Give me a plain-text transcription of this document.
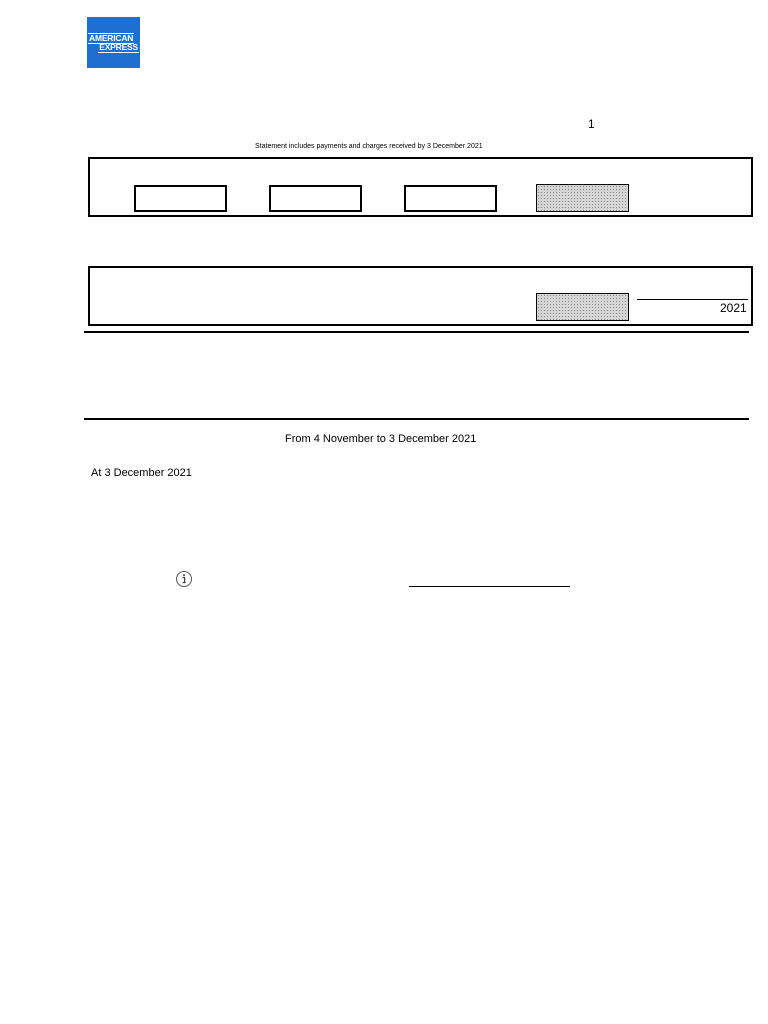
AMERICAN
EXPRESS
1
Statement includes payments and charges received by 3 December 2021
2021
From 4 November to 3 December 2021
At 3 December 2021
